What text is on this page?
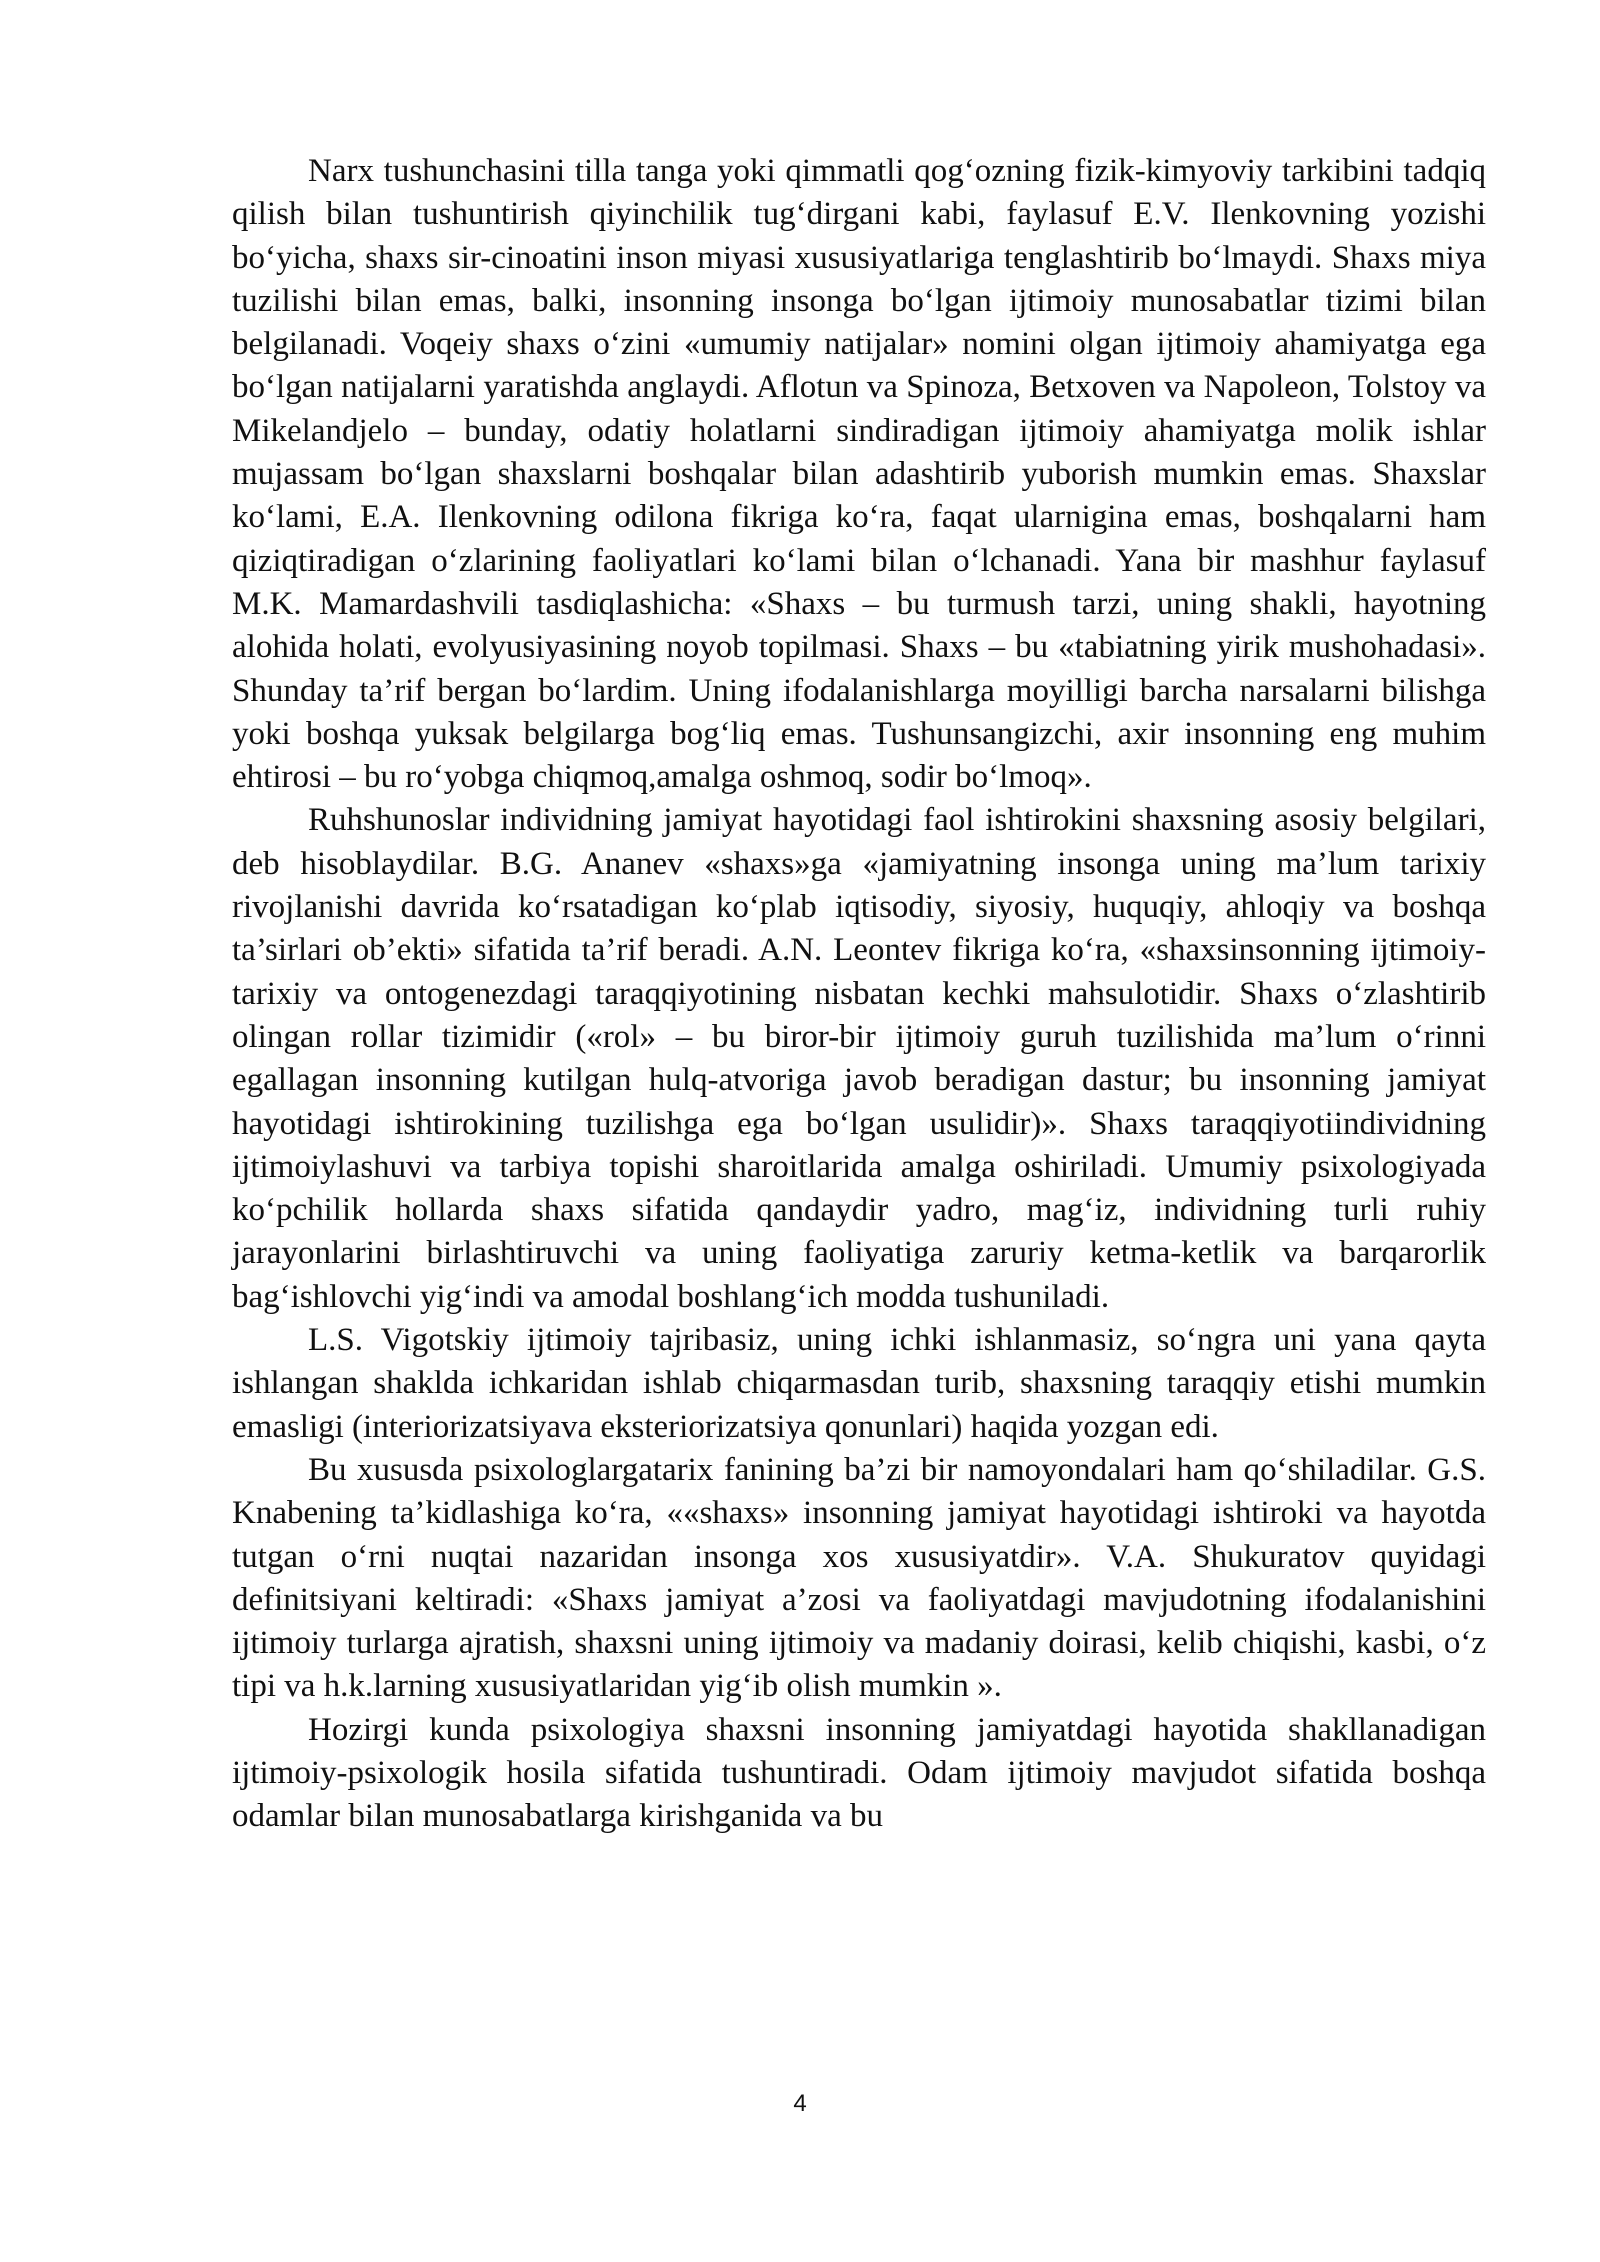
Narx tushunchasini tilla tanga yoki qimmatli qog‘ozning fizik-kimyoviy tarkibini tadqiq qilish bilan tushuntirish qiyinchilik tug‘dirgani kabi, faylasuf E.V. Ilenkovning yozishi bo‘yicha, shaxs sir-cinoatini inson miyasi xususiyatlariga tenglashtirib bo‘lmaydi. Shaxs miya tuzilishi bilan emas, balki, insonning insonga bo‘lgan ijtimoiy munosabatlar tizimi bilan belgilanadi. Voqeiy shaxs o‘zini «umumiy natijalar» nomini olgan ijtimoiy ahamiyatga ega bo‘lgan natijalarni yaratishda anglaydi. Aflotun va Spinoza, Betxoven va Napoleon, Tolstoy va Mikelandjelo – bunday, odatiy holatlarni sindiradigan ijtimoiy ahamiyatga molik ishlar mujassam bo‘lgan shaxslarni boshqalar bilan adashtirib yuborish mumkin emas. Shaxslar ko‘lami, E.A. Ilenkovning odilona fikriga ko‘ra, faqat ularnigina emas, boshqalarni ham qiziqtiradigan o‘zlarining faoliyatlari ko‘lami bilan o‘lchanadi. Yana bir mashhur faylasuf M.K. Mamardashvili tasdiqlashicha: «Shaxs – bu turmush tarzi, uning shakli, hayotning alohida holati, evolyusiyasining noyob topilmasi. Shaxs – bu «tabiatning yirik mushohadasi». Shunday ta’rif bergan bo‘lardim. Uning ifodalanishlarga moyilligi barcha narsalarni bilishga yoki boshqa yuksak belgilarga bog‘liq emas. Tushunsangizchi, axir insonning eng muhim ehtirosi – bu ro‘yobga chiqmoq,amalga oshmoq, sodir bo‘lmoq».

Ruhshunoslar individning jamiyat hayotidagi faol ishtirokini shaxsning asosiy belgilari, deb hisoblaydilar. B.G. Ananev «shaxs»ga «jamiyatning insonga uning ma’lum tarixiy rivojlanishi davrida ko‘rsatadigan ko‘plab iqtisodiy, siyosiy, huquqiy, ahloqiy va boshqa ta’sirlari ob’ekti» sifatida ta’rif beradi. A.N. Leontev fikriga ko‘ra, «shaxsinsonning ijtimoiy-tarixiy va ontogenezdagi taraqqiyotining nisbatan kechki mahsulotidir. Shaxs o‘zlashtirib olingan rollar tizimidir («rol» – bu biror-bir ijtimoiy guruh tuzilishida ma’lum o‘rinni egallagan insonning kutilgan hulq-atvoriga javob beradigan dastur; bu insonning jamiyat hayotidagi ishtirokining tuzilishga ega bo‘lgan usulidir)». Shaxs taraqqiyotiindividning ijtimoiylashuvi va tarbiya topishi sharoitlarida amalga oshiriladi. Umumiy psixologiyada ko‘pchilik hollarda shaxs sifatida qandaydir yadro, mag‘iz, individning turli ruhiy jarayonlarini birlashtiruvchi va uning faoliyatiga zaruriy ketma-ketlik va barqarorlik bag‘ishlovchi yig‘indi va amodal boshlang‘ich modda tushuniladi.

L.S. Vigotskiy ijtimoiy tajribasiz, uning ichki ishlanmasiz, so‘ngra uni yana qayta ishlangan shaklda ichkaridan ishlab chiqarmasdan turib, shaxsning taraqqiy etishi mumkin emasligi (interiorizatsiyava eksteriorizatsiya qonunlari) haqida yozgan edi.

Bu xususda psixologlargatarix fanining ba’zi bir namoyondalari ham qo‘shiladilar. G.S. Knabening ta’kidlashiga ko‘ra, ««shaxs» insonning jamiyat hayotidagi ishtiroki va hayotda tutgan o‘rni nuqtai nazaridan insonga xos xususiyatdir». V.A. Shukuratov quyidagi definitsiyani keltiradi: «Shaxs jamiyat a’zosi va faoliyatdagi mavjudotning ifodalanishini ijtimoiy turlarga ajratish, shaxsni uning ijtimoiy va madaniy doirasi, kelib chiqishi, kasbi, o‘z tipi va h.k.larning xususiyatlaridan yig‘ib olish mumkin ».

Hozirgi kunda psixologiya shaxsni insonning jamiyatdagi hayotida shakllanadigan ijtimoiy-psixologik hosila sifatida tushuntiradi. Odam ijtimoiy mavjudot sifatida boshqa odamlar bilan munosabatlarga kirishganida va bu

4
